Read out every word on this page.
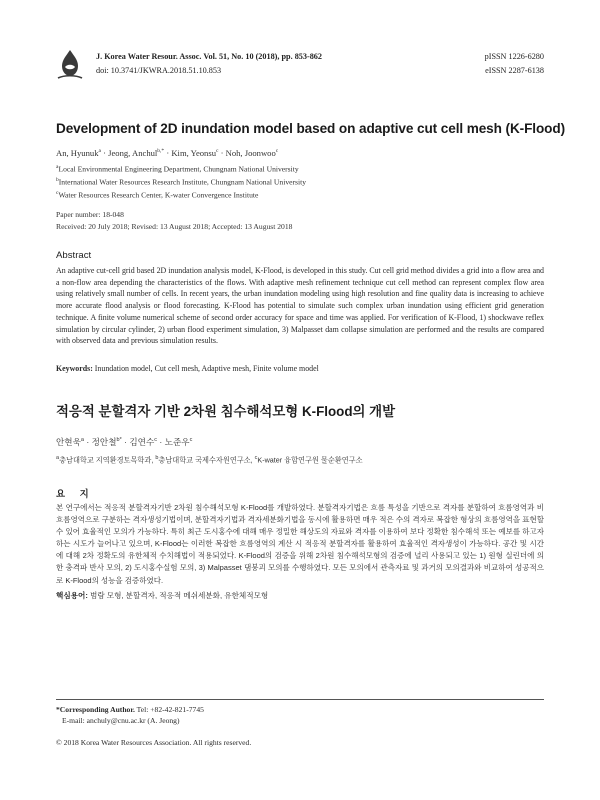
J. Korea Water Resour. Assoc. Vol. 51, No. 10 (2018), pp. 853-862
doi: 10.3741/JKWRA.2018.51.10.853
pISSN 1226-6280
eISSN 2287-6138
Development of 2D inundation model based on adaptive cut cell mesh (K-Flood)
An, Hyunuk$^a$ · Jeong, Anchul$^{b,*}$ · Kim, Yeonsu$^c$ · Noh, Joonwoo$^c$
$^a$Local Environmental Engineering Department, Chungnam National University
$^b$International Water Resources Research Institute, Chungnam National University
$^c$Water Resources Research Center, K-water Convergence Institute
Paper number: 18-048
Received: 20 July 2018; Revised: 13 August 2018; Accepted: 13 August 2018
Abstract
An adaptive cut-cell grid based 2D inundation analysis model, K-Flood, is developed in this study. Cut cell grid method divides a grid into a flow area and a non-flow area depending the characteristics of the flows. With adaptive mesh refinement technique cut cell method can represent complex flow area using relatively small number of cells. In recent years, the urban inundation modeling using high resolution and fine quality data is increasing to achieve more accurate flood analysis or flood forecasting. K-Flood has potential to simulate such complex urban inundation using efficient grid generation technique. A finite volume numerical scheme of second order accuracy for space and time was applied. For verification of K-Flood, 1) shockwave reflex simulation by circular cylinder, 2) urban flood experiment simulation, 3) Malpasset dam collapse simulation are performed and the results are compared with observed data and previous simulation results.
Keywords: Inundation model, Cut cell mesh, Adaptive mesh, Finite volume model
적응적 분할격자 기반 2차원 침수해석모형 K-Flood의 개발
안현욱$^a$ · 정안철$^{b*}$ · 김연수$^c$ · 노준우$^c$
$^a$충남대학교 지역환경토목학과, $^b$충남대학교 국제수자원연구소, $^c$K-water 융합연구원 물순환연구소
요 지
본 연구에서는 적응적 분할격자기반 2차원 침수해석모형 K-Flood를 개발하였다. 분할격자기법은 흐름 특성을 기반으로 격자를 분할하여 흐름영역과 비흐름영역으로 구분하는 격자생성기법이며, 분할격자기법과 격자세분화기법을 동시에 활용하면 매우 적은 수의 격자로 복잡한 형상의 흐름영역을 표현할 수 있어 효율적인 모의가 가능하다. 특히 최근 도시홍수에 대해 매우 정밀한 해상도의 자료와 격자를 이용하여 보다 정확한 침수해석 또는 예보를 하고자 하는 시도가 늘어나고 있으며, K-Flood는 이러한 복잡한 흐름영역의 계산 시 적응적 분할격자를 활용하여 효율적인 격자생성이 가능하다. 공간 및 시간에 대해 2차 정확도의 유한체적 수치해법이 적용되었다. K-Flood의 검증을 위해 2차원 침수해석모형의 검증에 널리 사용되고 있는 1) 원형 실린더에 의한 충격파 반사 모의, 2) 도시홍수실험 모의, 3) Malpasset 댐붕괴 모의를 수행하였다. 모든 모의에서 관측자료 및 과거의 모의결과와 비교하여 성공적으로 K-Flood의 성능을 검증하였다.
핵심용어: 범람 모형, 분할격자, 적응적 메쉬세분화, 유한체적모형
*Corresponding Author. Tel: +82-42-821-7745
E-mail: anchuly@cnu.ac.kr (A. Jeong)
© 2018 Korea Water Resources Association. All rights reserved.
